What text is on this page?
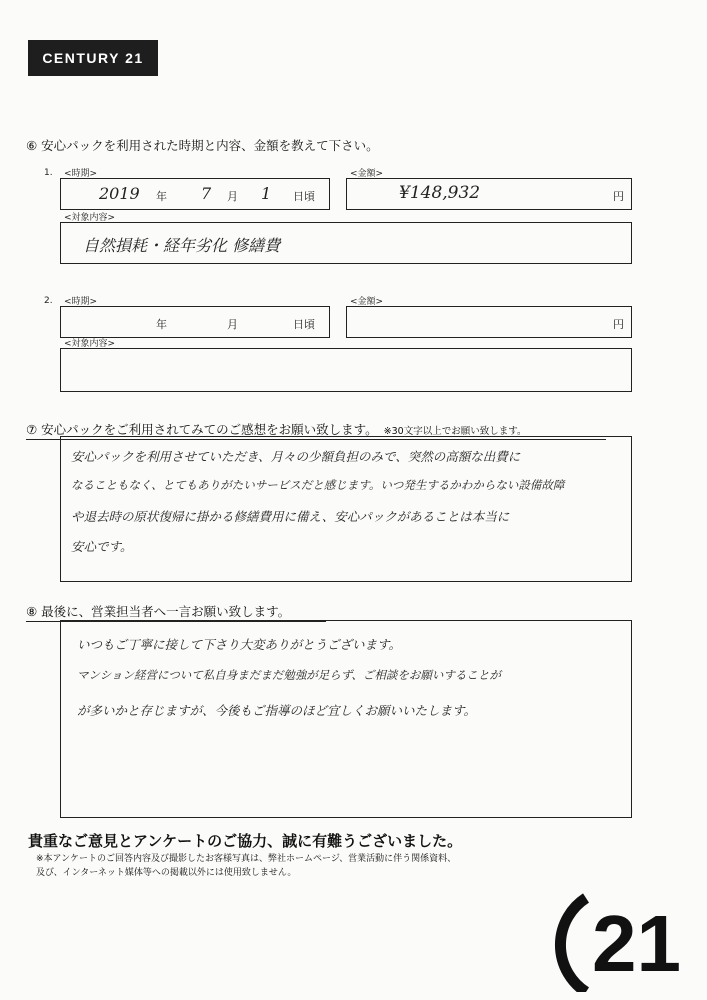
CENTURY 21
⑥ 安心パックを利用された時期と内容、金額を教えて下さい。
1. <時期>
2019 年 7 月 1 日頃
<金額>
¥148,932	円
<対象内容>
自然損耗・経年劣化 修繕費
2. <時期>
年	月	日頃
<金額>
円
<対象内容>
⑦ 安心パックをご利用されてみてのご感想をお願い致します。 ※30文字以上でお願い致します。
安心パックを利用させていただき、月々の少額負担のみで、突然の高額な出費に
なることもなく、とてもありがたいサービスだと感じます。いつ発生するかわからない設備故障
や退去時の原状復帰に掛かる修繕費用に備え、安心パックがあることは本当に
安心です。
⑧ 最後に、営業担当者へ一言お願い致します。
いつもご丁寧に接して下さり大変ありがとうございます。
マンション経営について私自身まだまだ勉強が足らず、ご相談をお願いすることが
が多いかと存じますが、今後もご指導のほど宜しくお願いいたします。
貴重なご意見とアンケートのご協力、誠に有難うございました。
※本アンケートのご回答内容及び撮影したお客様写真は、弊社ホームページ、営業活動に伴う関係資料、
及び、インターネット媒体等への掲載以外には使用致しません。
21
